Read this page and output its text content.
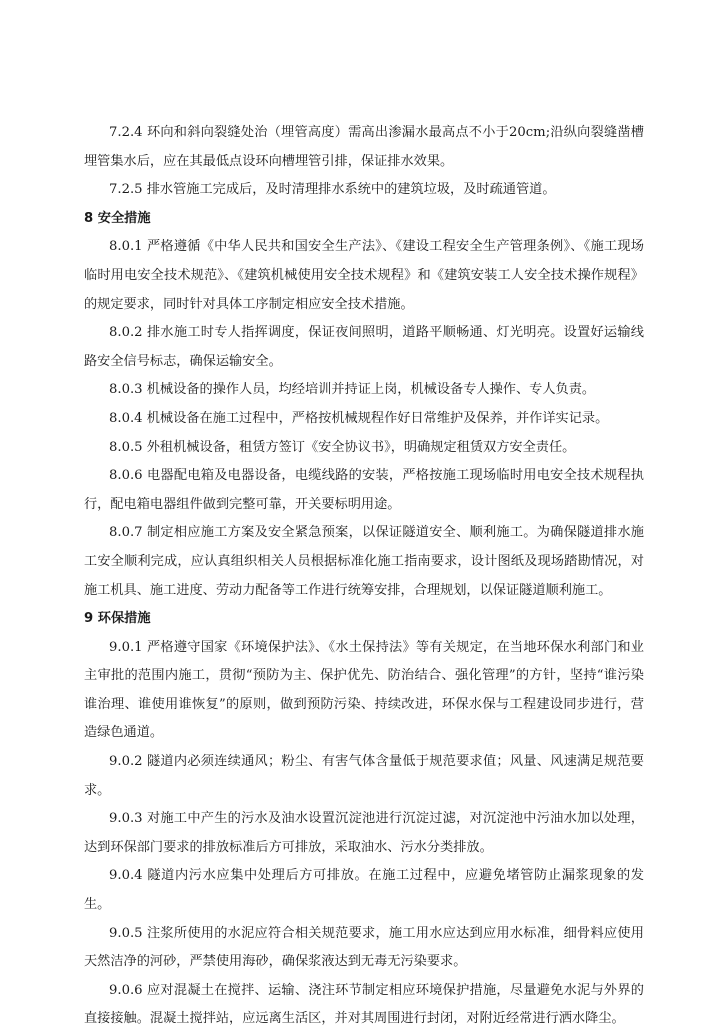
7.2.4 环向和斜向裂缝处治（埋管高度）需高出渗漏水最高点不小于20cm;沿纵向裂缝凿槽埋管集水后，应在其最低点设环向槽埋管引排，保证排水效果。

7.2.5 排水管施工完成后，及时清理排水系统中的建筑垃圾，及时疏通管道。

8 安全措施

8.0.1 严格遵循《中华人民共和国安全生产法》、《建设工程安全生产管理条例》、《施工现场临时用电安全技术规范》、《建筑机械使用安全技术规程》和《建筑安装工人安全技术操作规程》的规定要求，同时针对具体工序制定相应安全技术措施。

8.0.2 排水施工时专人指挥调度，保证夜间照明，道路平顺畅通、灯光明亮。设置好运输线路安全信号标志，确保运输安全。

8.0.3 机械设备的操作人员，均经培训并持证上岗，机械设备专人操作、专人负责。

8.0.4 机械设备在施工过程中，严格按机械规程作好日常维护及保养，并作详实记录。

8.0.5 外租机械设备，租赁方签订《安全协议书》，明确规定租赁双方安全责任。

8.0.6 电器配电箱及电器设备，电缆线路的安装，严格按施工现场临时用电安全技术规程执行，配电箱电器组件做到完整可靠，开关要标明用途。

8.0.7 制定相应施工方案及安全紧急预案，以保证隧道安全、顺利施工。为确保隧道排水施工安全顺利完成，应认真组织相关人员根据标准化施工指南要求，设计图纸及现场踏勘情况，对施工机具、施工进度、劳动力配备等工作进行统筹安排，合理规划，以保证隧道顺利施工。

9 环保措施

9.0.1 严格遵守国家《环境保护法》、《水土保持法》等有关规定，在当地环保水利部门和业主审批的范围内施工，贯彻“预防为主、保护优先、防治结合、强化管理”的方针，坚持“谁污染谁治理、谁使用谁恢复”的原则，做到预防污染、持续改进，环保水保与工程建设同步进行，营造绿色通道。

9.0.2 隧道内必须连续通风；粉尘、有害气体含量低于规范要求值；风量、风速满足规范要求。

9.0.3 对施工中产生的污水及油水设置沉淀池进行沉淀过滤，对沉淀池中污油水加以处理，达到环保部门要求的排放标准后方可排放，采取油水、污水分类排放。

9.0.4 隧道内污水应集中处理后方可排放。在施工过程中，应避免堵管防止漏浆现象的发生。

9.0.5 注浆所使用的水泥应符合相关规范要求，施工用水应达到应用水标准，细骨料应使用天然洁净的河砂，严禁使用海砂，确保浆液达到无毒无污染要求。

9.0.6 应对混凝土在搅拌、运输、浇注环节制定相应环境保护措施，尽量避免水泥与外界的直接接触。混凝土搅拌站，应远离生活区，并对其周围进行封闭，对附近经常进行洒水降尘。
